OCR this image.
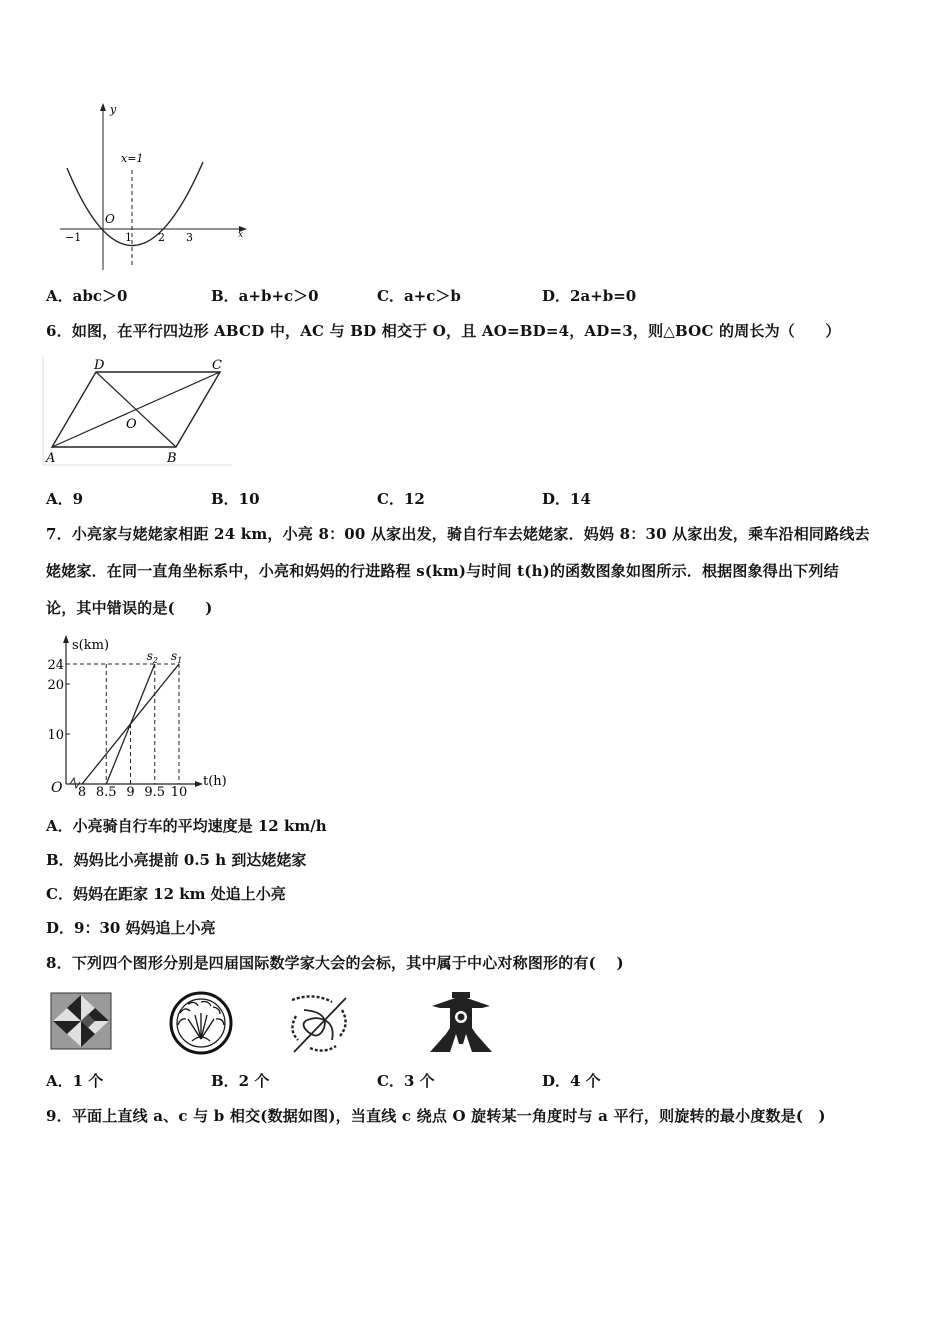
y
x
O
x=1
−1	1 2 3
A．abc＞0	B．a+b+c＞0	C．a+c＞b	D．2a+b=0
6．如图，在平行四边形 ABCD 中，AC 与 BD 相交于 O，且 AO=BD=4，AD=3，则△BOC 的周长为（　　）
D	C
O
A	B
A．9	B．10	C．12	D．14
7．小亮家与姥姥家相距 24 km，小亮 8：00 从家出发，骑自行车去姥姥家．妈妈 8：30 从家出发，乘车沿相同路线去
姥姥家．在同一直角坐标系中，小亮和妈妈的行进路程 s(km)与时间 t(h)的函数图象如图所示．根据图象得出下列结
论，其中错误的是(　　)
s(km)
t(h)
O 8 8.5 9 9.5 10
10
20
24
$s_1$
$s_2$
A．小亮骑自行车的平均速度是 12 km/h
B．妈妈比小亮提前 0.5 h 到达姥姥家
C．妈妈在距家 12 km 处追上小亮
D．9：30 妈妈追上小亮
8．下列四个图形分别是四届国际数学家大会的会标，其中属于中心对称图形的有(　 )
A．1 个	B．2 个	C．3 个	D．4 个
9．平面上直线 a、c 与 b 相交(数据如图)，当直线 c 绕点 O 旋转某一角度时与 a 平行，则旋转的最小度数是(　)
